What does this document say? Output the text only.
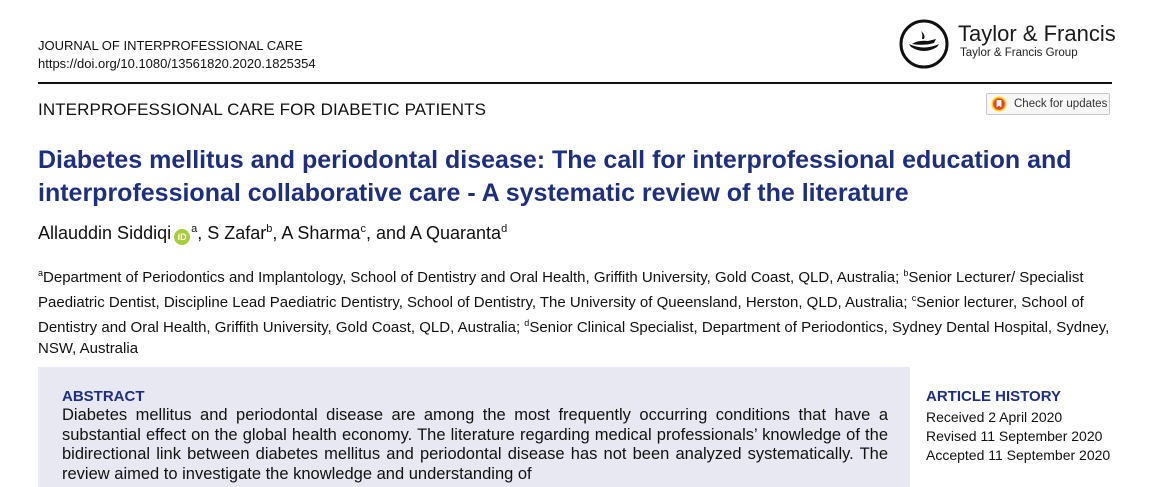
JOURNAL OF INTERPROFESSIONAL CARE
https://doi.org/10.1080/13561820.2020.1825354
Taylor & Francis
Taylor & Francis Group
INTERPROFESSIONAL CARE FOR DIABETIC PATIENTS	Check for updates
Diabetes mellitus and periodontal disease: The call for interprofessional education and interprofessional collaborative care - A systematic review of the literature
Allauddin Siddiqi $iD^a$, S Zafar$^b$, A Sharma$^c$, and A Quaranta$^d$
$^a$Department of Periodontics and Implantology, School of Dentistry and Oral Health, Griffith University, Gold Coast, QLD, Australia; $^b$Senior Lecturer/ Specialist Paediatric Dentist, Discipline Lead Paediatric Dentistry, School of Dentistry, The University of Queensland, Herston, QLD, Australia; $^c$Senior lecturer, School of Dentistry and Oral Health, Griffith University, Gold Coast, QLD, Australia; $^d$Senior Clinical Specialist, Department of Periodontics, Sydney Dental Hospital, Sydney, NSW, Australia
ABSTRACT
Diabetes mellitus and periodontal disease are among the most frequently occurring conditions that have a substantial effect on the global health economy. The literature regarding medical professionals’ knowledge of the bidirectional link between diabetes mellitus and periodontal disease has not been analyzed systematically. The review aimed to investigate the knowledge and understanding of
ARTICLE HISTORY
Received 2 April 2020
Revised 11 September 2020
Accepted 11 September 2020
